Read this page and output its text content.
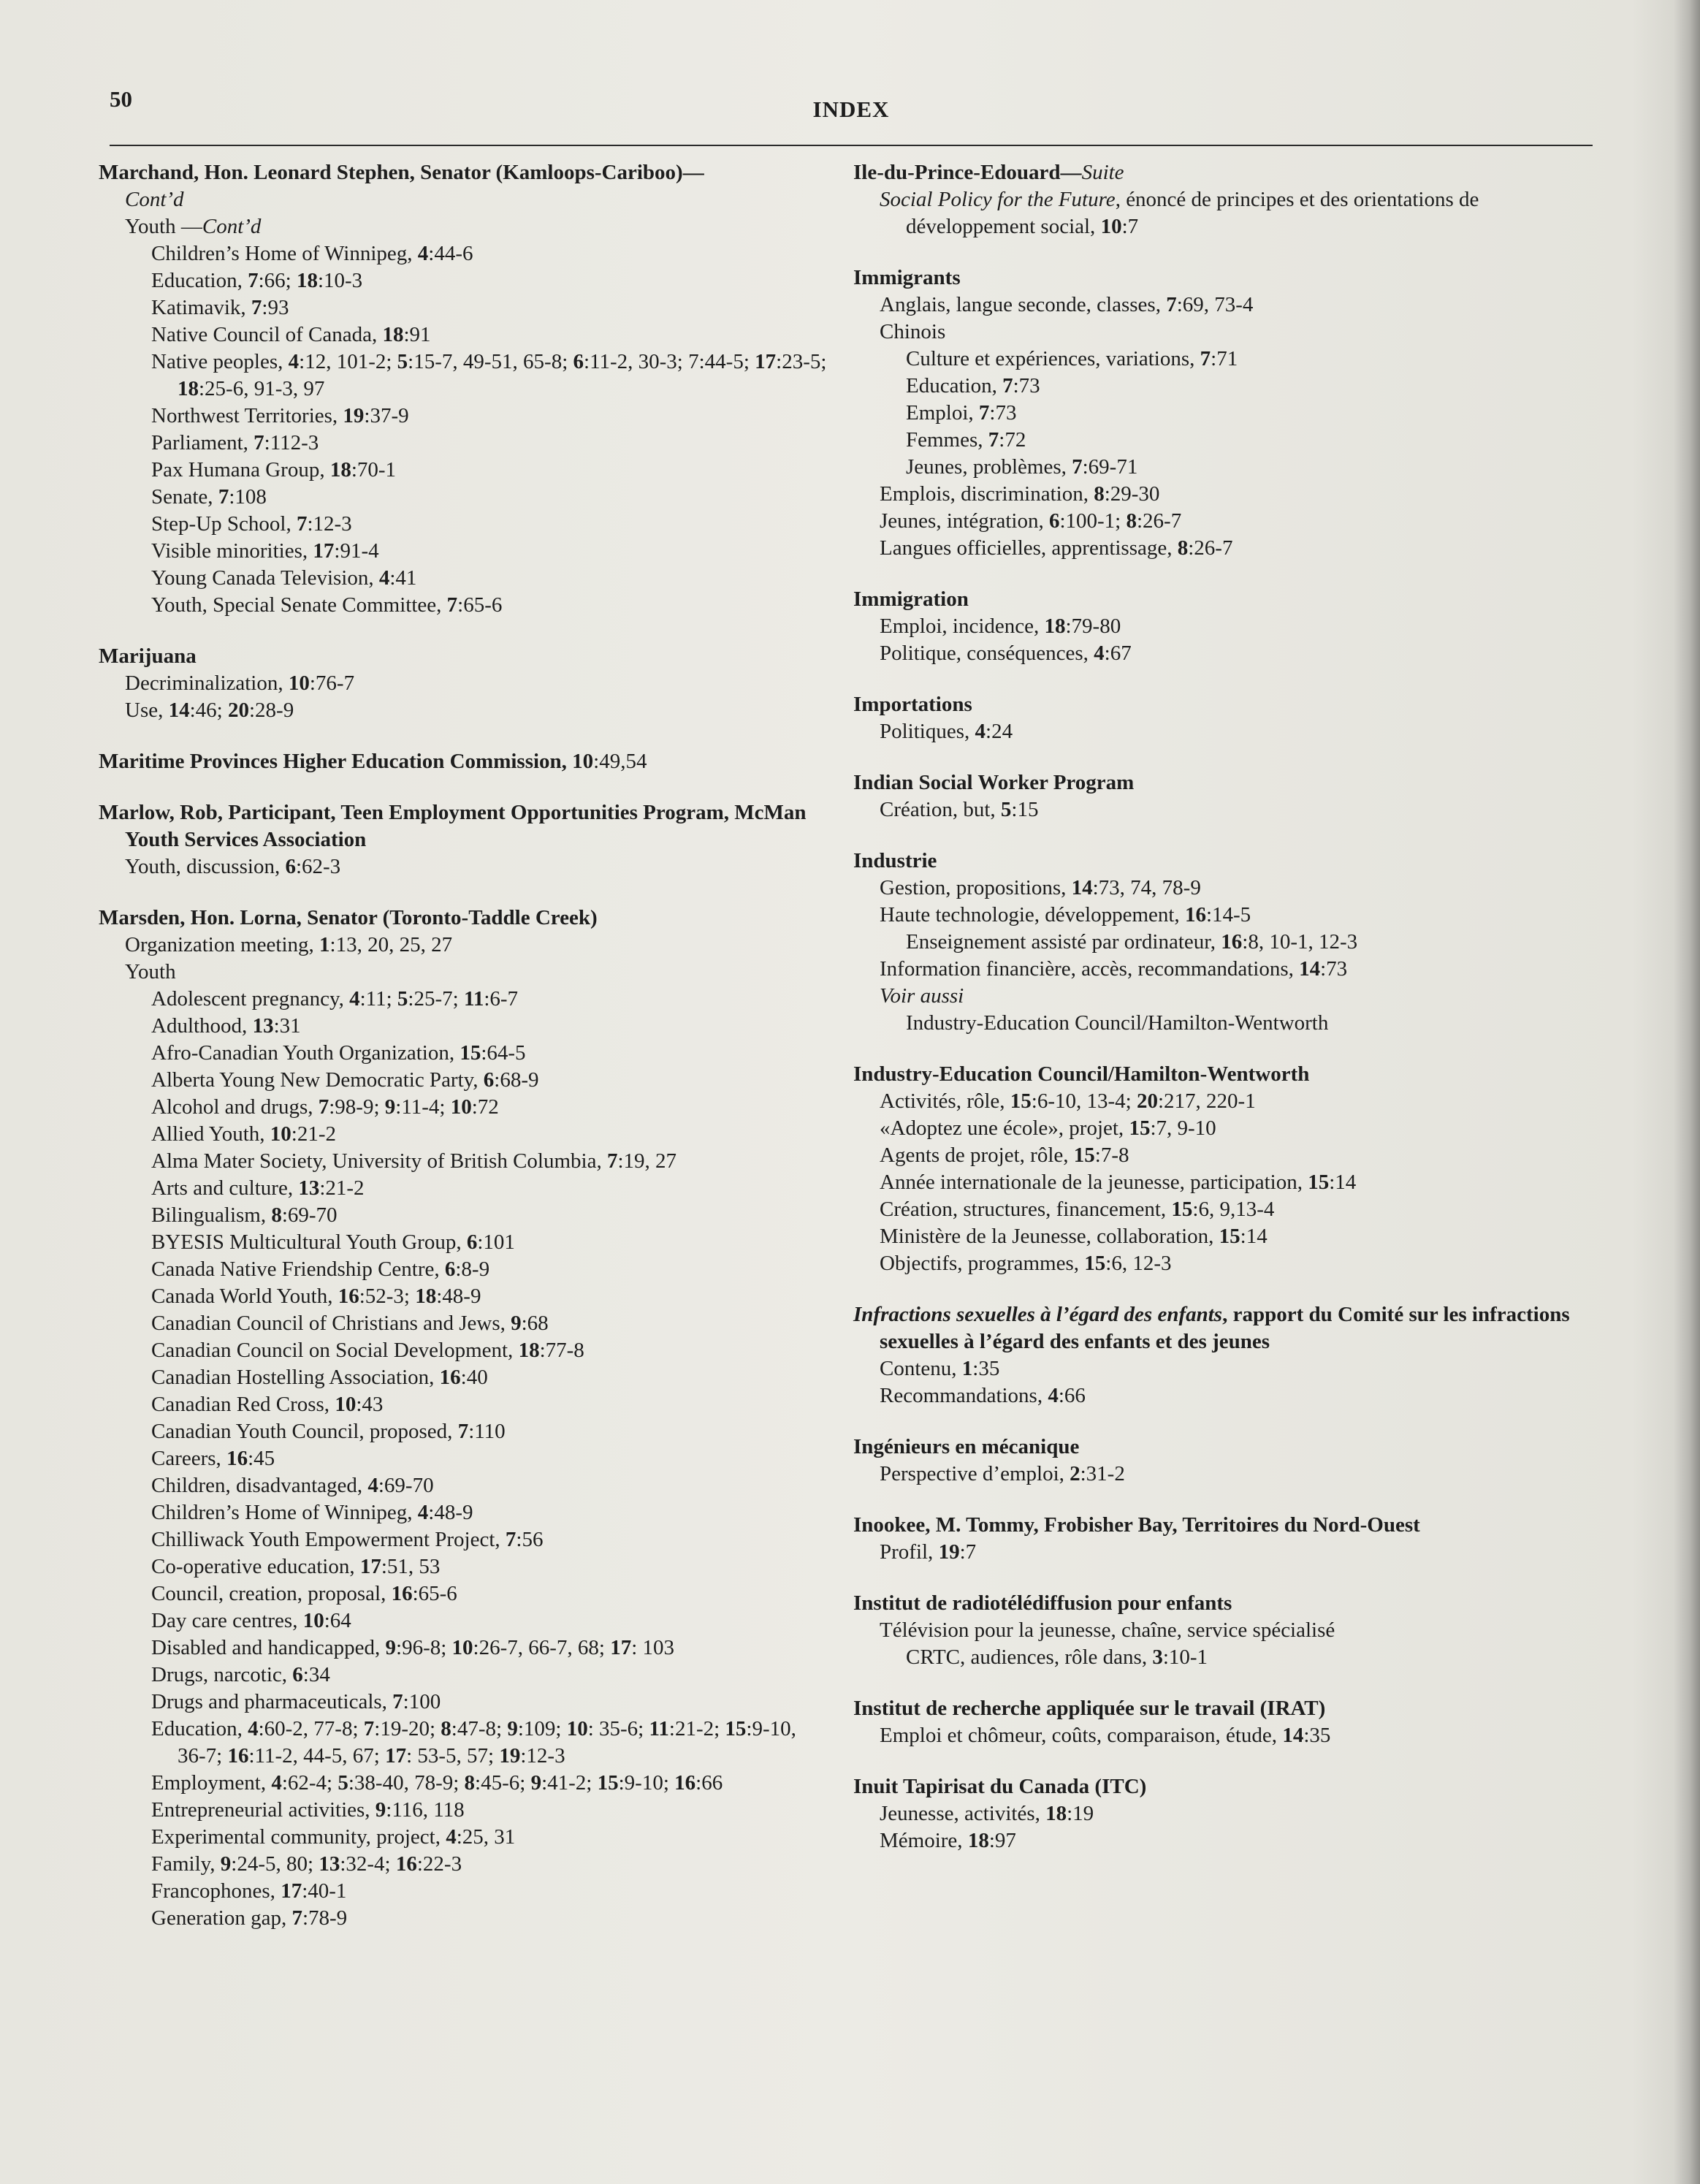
50	INDEX
Marchand, Hon. Leonard Stephen, Senator (Kamloops-Cariboo)—
Cont’d
Youth —Cont’d
Children’s Home of Winnipeg, 4:44-6
Education, 7:66; 18:10-3
Katimavik, 7:93
Native Council of Canada, 18:91
Native peoples, 4:12, 101-2; 5:15-7, 49-51, 65-8; 6:11-2, 30-3; 7:44-5; 17:23-5; 18:25-6, 91-3, 97
Northwest Territories, 19:37-9
Parliament, 7:112-3
Pax Humana Group, 18:70-1
Senate, 7:108
Step-Up School, 7:12-3
Visible minorities, 17:91-4
Young Canada Television, 4:41
Youth, Special Senate Committee, 7:65-6
Marijuana
Decriminalization, 10:76-7
Use, 14:46; 20:28-9
Maritime Provinces Higher Education Commission, 10:49,54
Marlow, Rob, Participant, Teen Employment Opportunities Program, McMan Youth Services Association
Youth, discussion, 6:62-3
Marsden, Hon. Lorna, Senator (Toronto-Taddle Creek)
Organization meeting, 1:13, 20, 25, 27
Youth
Adolescent pregnancy, 4:11; 5:25-7; 11:6-7
Adulthood, 13:31
Afro-Canadian Youth Organization, 15:64-5
Alberta Young New Democratic Party, 6:68-9
Alcohol and drugs, 7:98-9; 9:11-4; 10:72
Allied Youth, 10:21-2
Alma Mater Society, University of British Columbia, 7:19, 27
Arts and culture, 13:21-2
Bilingualism, 8:69-70
BYESIS Multicultural Youth Group, 6:101
Canada Native Friendship Centre, 6:8-9
Canada World Youth, 16:52-3; 18:48-9
Canadian Council of Christians and Jews, 9:68
Canadian Council on Social Development, 18:77-8
Canadian Hostelling Association, 16:40
Canadian Red Cross, 10:43
Canadian Youth Council, proposed, 7:110
Careers, 16:45
Children, disadvantaged, 4:69-70
Children’s Home of Winnipeg, 4:48-9
Chilliwack Youth Empowerment Project, 7:56
Co-operative education, 17:51, 53
Council, creation, proposal, 16:65-6
Day care centres, 10:64
Disabled and handicapped, 9:96-8; 10:26-7, 66-7, 68; 17: 103
Drugs, narcotic, 6:34
Drugs and pharmaceuticals, 7:100
Education, 4:60-2, 77-8; 7:19-20; 8:47-8; 9:109; 10: 35-6; 11:21-2; 15:9-10, 36-7; 16:11-2, 44-5, 67; 17: 53-5, 57; 19:12-3
Employment, 4:62-4; 5:38-40, 78-9; 8:45-6; 9:41-2; 15:9-10; 16:66
Entrepreneurial activities, 9:116, 118
Experimental community, project, 4:25, 31
Family, 9:24-5, 80; 13:32-4; 16:22-3
Francophones, 17:40-1
Generation gap, 7:78-9
Ile-du-Prince-Edouard—Suite
Social Policy for the Future, énoncé de principes et des orientations de développement social, 10:7
Immigrants
Anglais, langue seconde, classes, 7:69, 73-4
Chinois
Culture et expériences, variations, 7:71
Education, 7:73
Emploi, 7:73
Femmes, 7:72
Jeunes, problèmes, 7:69-71
Emplois, discrimination, 8:29-30
Jeunes, intégration, 6:100-1; 8:26-7
Langues officielles, apprentissage, 8:26-7
Immigration
Emploi, incidence, 18:79-80
Politique, conséquences, 4:67
Importations
Politiques, 4:24
Indian Social Worker Program
Création, but, 5:15
Industrie
Gestion, propositions, 14:73, 74, 78-9
Haute technologie, développement, 16:14-5
Enseignement assisté par ordinateur, 16:8, 10-1, 12-3
Information financière, accès, recommandations, 14:73
Voir aussi
Industry-Education Council/Hamilton-Wentworth
Industry-Education Council/Hamilton-Wentworth
Activités, rôle, 15:6-10, 13-4; 20:217, 220-1
«Adoptez une école», projet, 15:7, 9-10
Agents de projet, rôle, 15:7-8
Année internationale de la jeunesse, participation, 15:14
Création, structures, financement, 15:6, 9,13-4
Ministère de la Jeunesse, collaboration, 15:14
Objectifs, programmes, 15:6, 12-3
Infractions sexuelles à l’égard des enfants, rapport du Comité sur les infractions sexuelles à l’égard des enfants et des jeunes
Contenu, 1:35
Recommandations, 4:66
Ingénieurs en mécanique
Perspective d’emploi, 2:31-2
Inookee, M. Tommy, Frobisher Bay, Territoires du Nord-Ouest
Profil, 19:7
Institut de radiotélédiffusion pour enfants
Télévision pour la jeunesse, chaîne, service spécialisé
CRTC, audiences, rôle dans, 3:10-1
Institut de recherche appliquée sur le travail (IRAT)
Emploi et chômeur, coûts, comparaison, étude, 14:35
Inuit Tapirisat du Canada (ITC)
Jeunesse, activités, 18:19
Mémoire, 18:97
